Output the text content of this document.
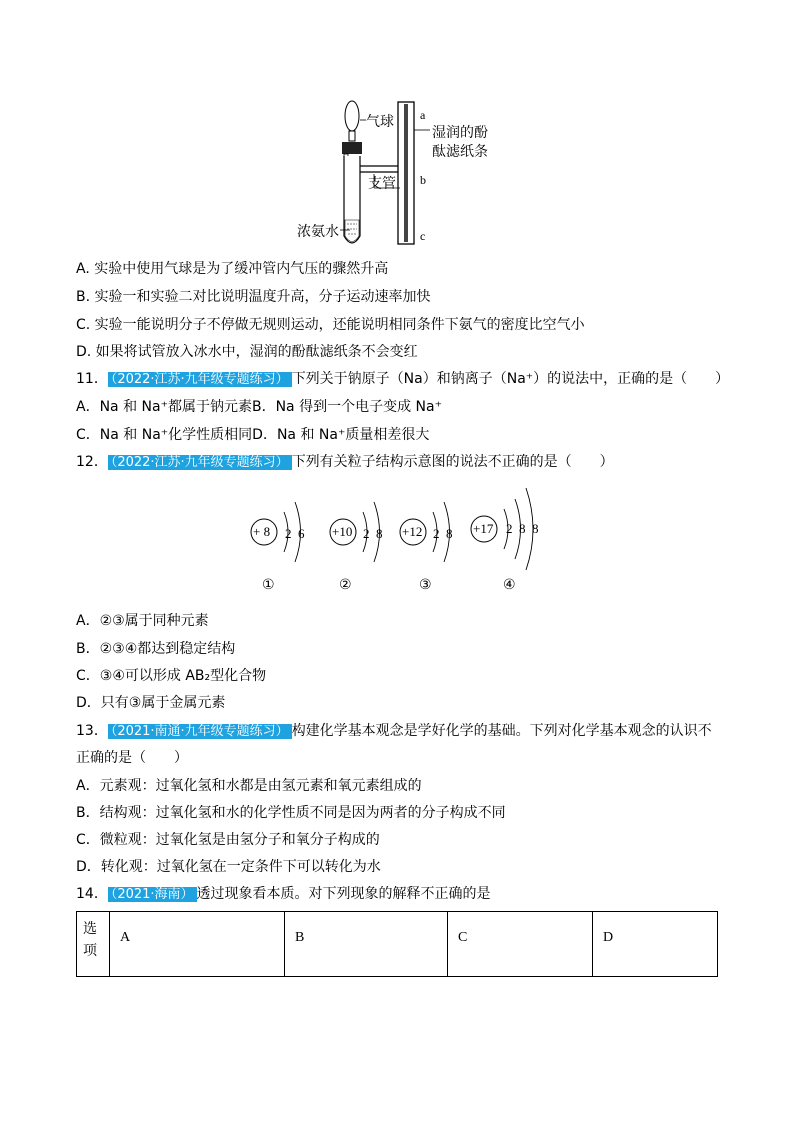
气球
支管
浓氨水
湿润的酚
酞滤纸条
a
b
c
A. 实验中使用气球是为了缓冲管内气压的骤然升高
B. 实验一和实验二对比说明温度升高，分子运动速率加快
C. 实验一能说明分子不停做无规则运动，还能说明相同条件下氨气的密度比空气小
D. 如果将试管放入冰水中，湿润的酚酞滤纸条不会变红
11． （2022·江苏·九年级专题练习） 下列关于钠原子（Na）和钠离子（Na⁺）的说法中，正确的是（　　）
A．Na 和 Na⁺都属于钠元素B．Na 得到一个电子变成 Na⁺
C．Na 和 Na⁺化学性质相同D．Na 和 Na⁺质量相差很大
12． （2022·江苏·九年级专题练习） 下列有关粒子结构示意图的说法不正确的是（　　）
+ 8 2 6
①
+10 2 8
②
+12 2 8
③
+17 2 8 8
④
A．②③属于同种元素
B．②③④都达到稳定结构
C．③④可以形成 AB₂型化合物
D．只有③属于金属元素
13． （2021·南通·九年级专题练习） 构建化学基本观念是学好化学的基础。下列对化学基本观念的认识不
正确的是（　　）
A．元素观：过氧化氢和水都是由氢元素和氧元素组成的
B．结构观：过氧化氢和水的化学性质不同是因为两者的分子构成不同
C．微粒观：过氧化氢是由氢分子和氧分子构成的
D．转化观：过氧化氢在一定条件下可以转化为水
14． （2021·海南） 透过现象看本质。对下列现象的解释不正确的是
选
项
	A	B	C	D
